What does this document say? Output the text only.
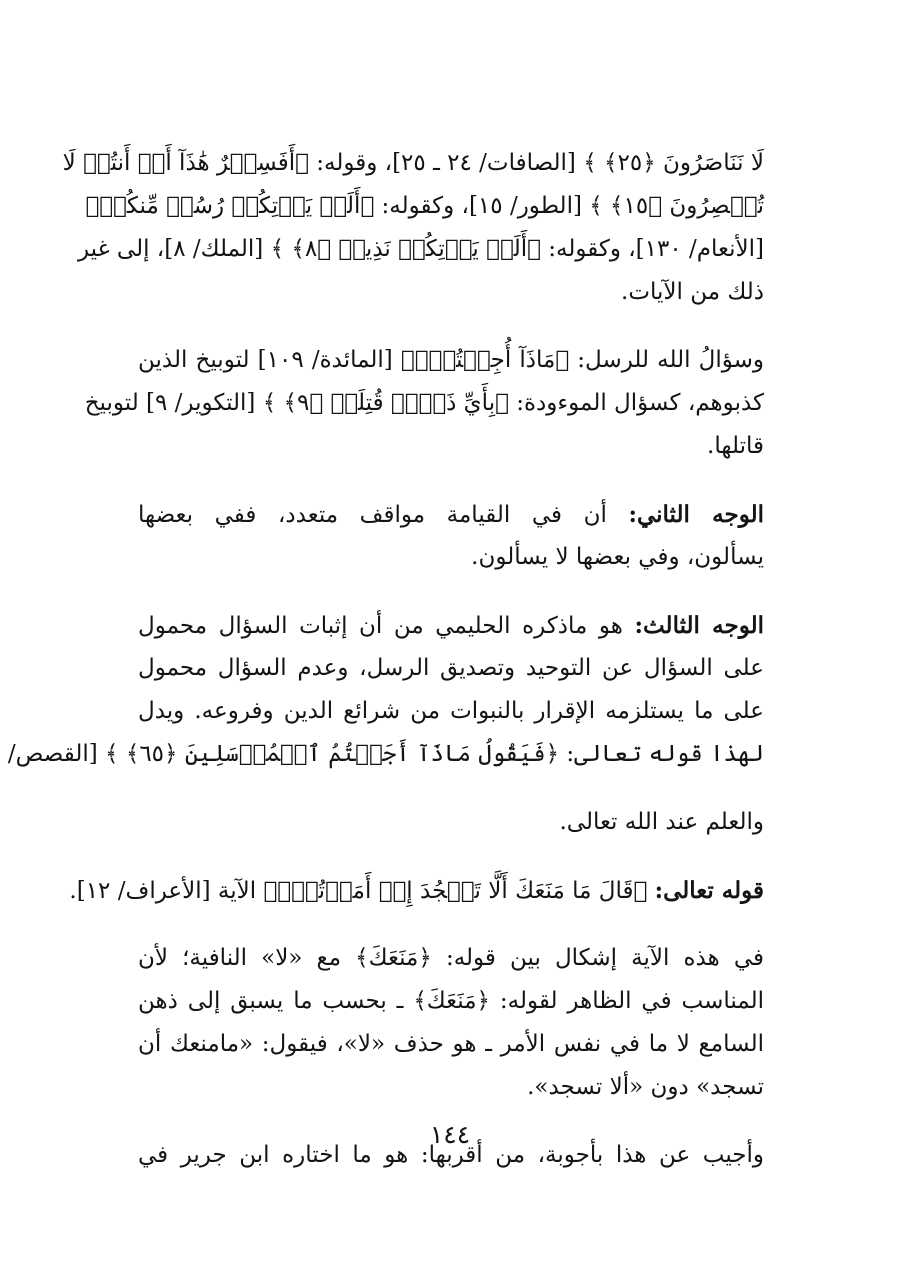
لَا نَنَاصَرُونَ ﴿٢٥﴾ ﴾ [الصافات/ ٢٤ ـ ٢٥]، وقوله: ﴿أَفَسِحۡرٌ هَٰذَآ أَمۡ أَنتُمۡ لَا
تُبۡصِرُونَ ﴿١٥﴾ ﴾ [الطور/ ١٥]، وكقوله: ﴿أَلَمۡ يَأۡتِكُمۡ رُسُلٞ مِّنكُمۡ﴾
[الأنعام/ ١٣٠]، وكقوله: ﴿أَلَمۡ يَأۡتِكُمۡ نَذِيرٞ ﴿٨﴾ ﴾ [الملك/ ٨]، إلى غير
ذلك من الآيات.
وسؤالُ الله للرسل: ﴿مَاذَآ أُجِبۡتُمۡۖ﴾ [المائدة/ ١٠٩] لتوبيخ الذين
كذبوهم، كسؤال الموءودة: ﴿بِأَيِّ ذَنۢبٖ قُتِلَتۡ ﴿٩﴾ ﴾ [التكوير/ ٩] لتوبيخ
قاتلها.
الوجه الثاني: أن في القيامة مواقف متعدد، ففي بعضها
يسألون، وفي بعضها لا يسألون.
الوجه الثالث: هو ماذكره الحليمي من أن إثبات السؤال محمول
على السؤال عن التوحيد وتصديق الرسل، وعدم السؤال محمول
على ما يستلزمه الإقرار بالنبوات من شرائع الدين وفروعه. ويدل
لهذا قوله تعالى: ﴿فَيَقُولُ مَاذَآ أَجَبۡتُمُ ٱلۡمُرۡسَلِينَ ﴿٦٥﴾ ﴾ [القصص/
والعلم عند الله تعالى.
قوله تعالى: ﴿قَالَ مَا مَنَعَكَ أَلَّا تَسۡجُدَ إِذۡ أَمَرۡتُكَۖ﴾ الآية [الأعراف/ ١٢].
في هذه الآية إشكال بين قوله: ﴿مَنَعَكَ﴾ مع «لا» النافية؛ لأن
المناسب في الظاهر لقوله: ﴿مَنَعَكَ﴾ ـ بحسب ما يسبق إلى ذهن
السامع لا ما في نفس الأمر ـ هو حذف «لا»، فيقول: «مامنعك أن
تسجد» دون «ألا تسجد».
وأجيب عن هذا بأجوبة، من أقربها: هو ما اختاره ابن جرير في
١٤٤
